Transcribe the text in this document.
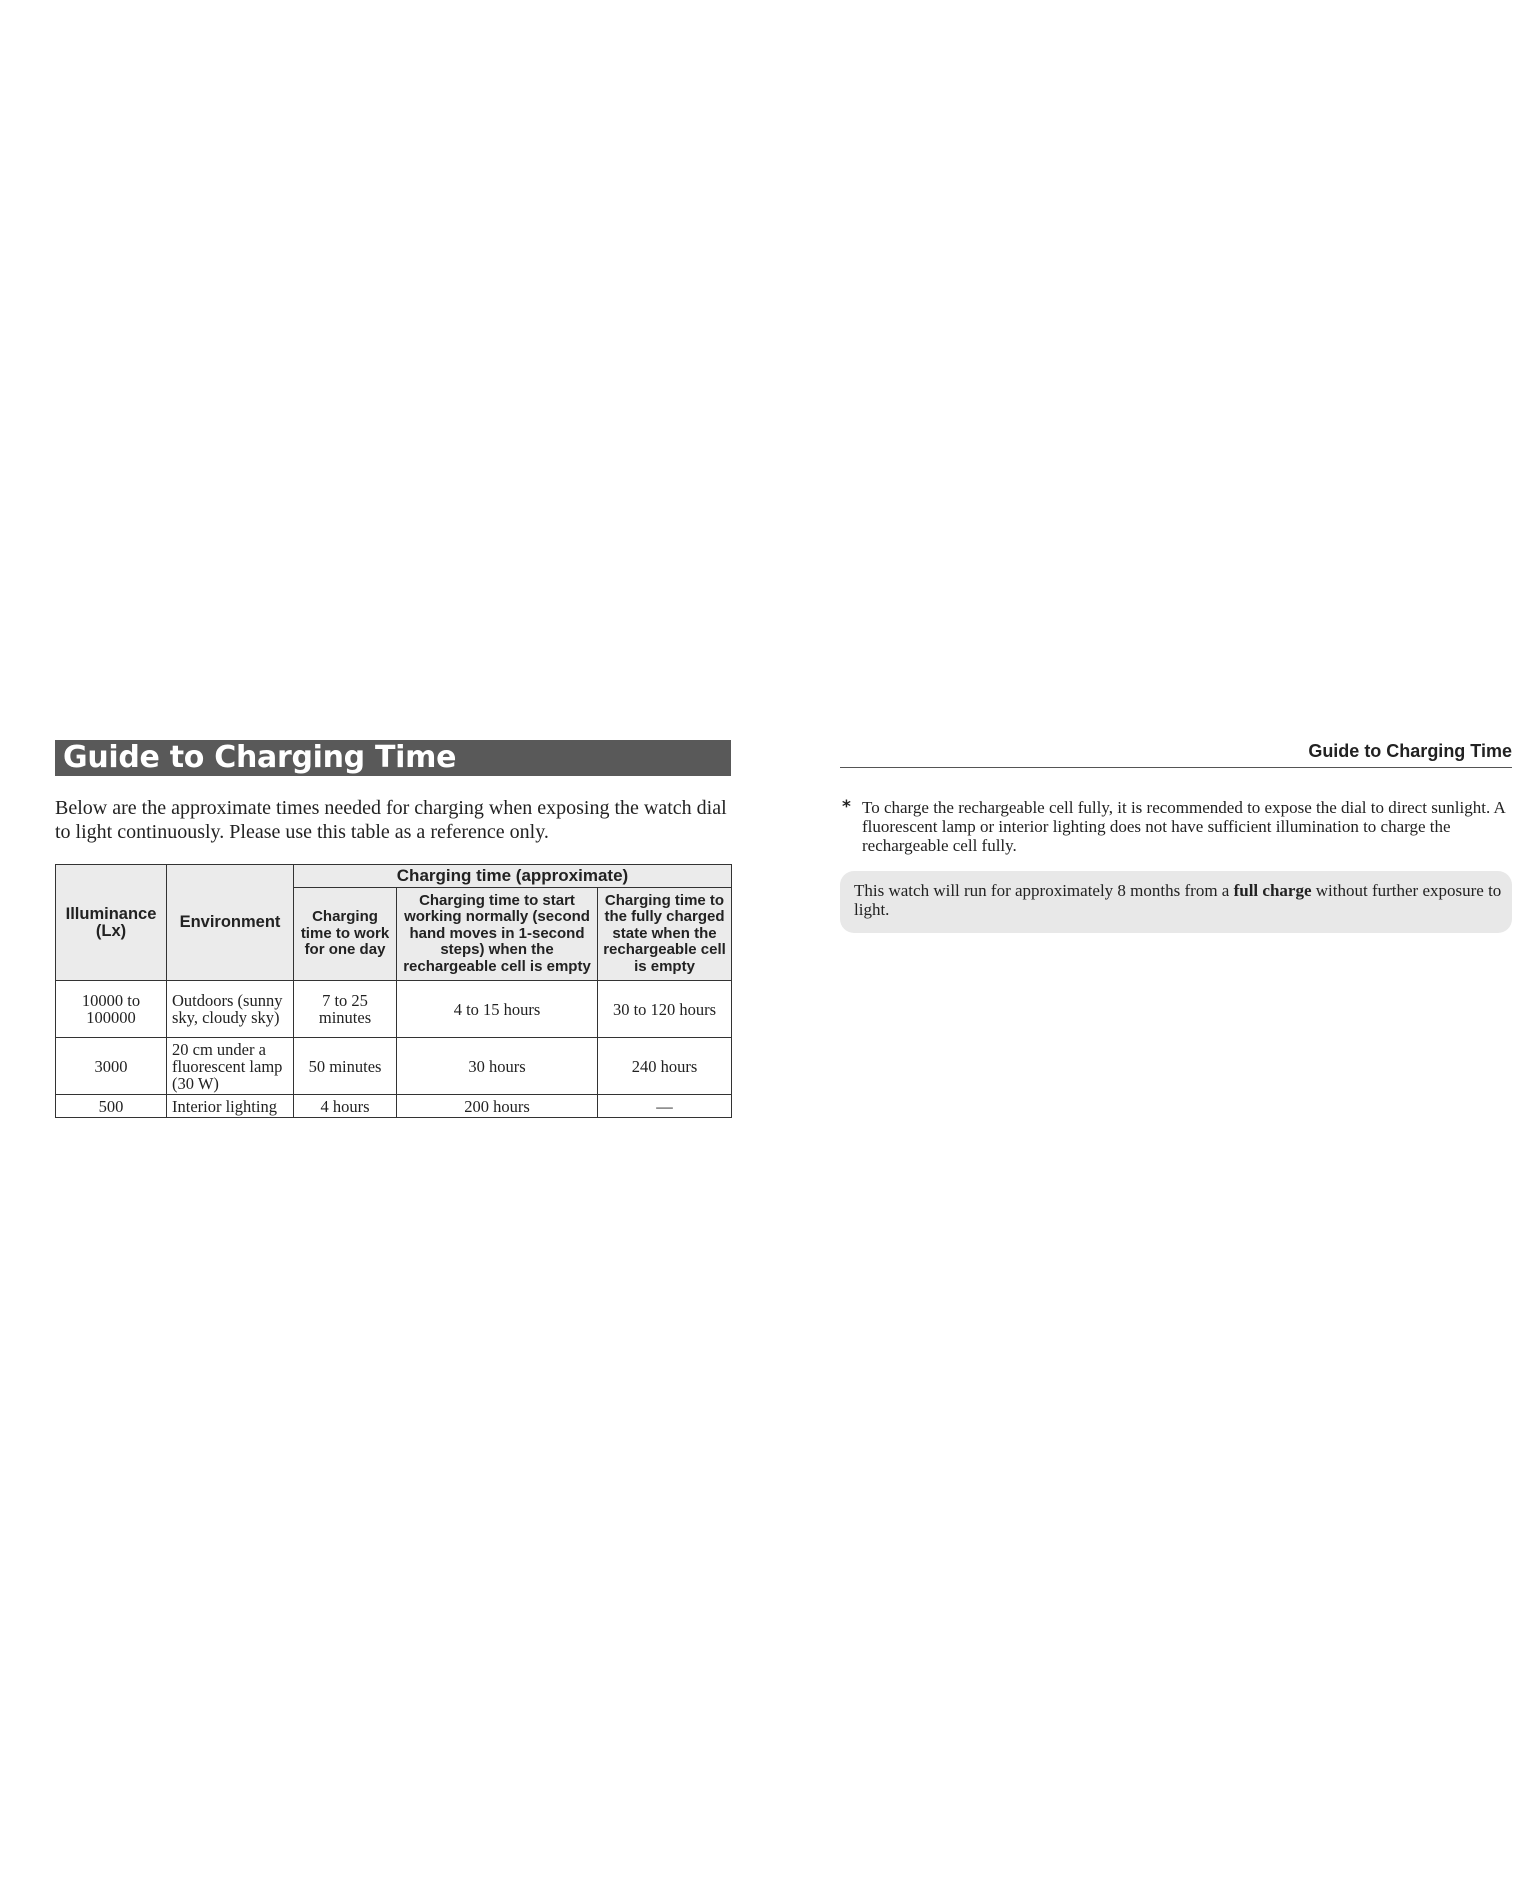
Guide to Charging Time

Below are the approximate times needed for charging when exposing the watch dial to light continuously. Please use this table as a reference only.

Illuminance (Lx)	Environment	Charging time (approximate)		
		Charging time to work for one day	Charging time to start working normally (second hand moves in 1-second steps) when the rechargeable cell is empty	Charging time to the fully charged state when the rechargeable cell is empty
10000 to 100000	Outdoors (sunny sky, cloudy sky)	7 to 25 minutes	4 to 15 hours	30 to 120 hours
3000	20 cm under a fluorescent lamp (30 W)	50 minutes	30 hours	240 hours
500	Interior lighting	4 hours	200 hours	—
Guide to Charging Time
* To charge the rechargeable cell fully, it is recommended to expose the dial to direct sunlight. A fluorescent lamp or interior lighting does not have sufficient illumination to charge the rechargeable cell fully.
This watch will run for approximately 8 months from a full charge without further exposure to light.
